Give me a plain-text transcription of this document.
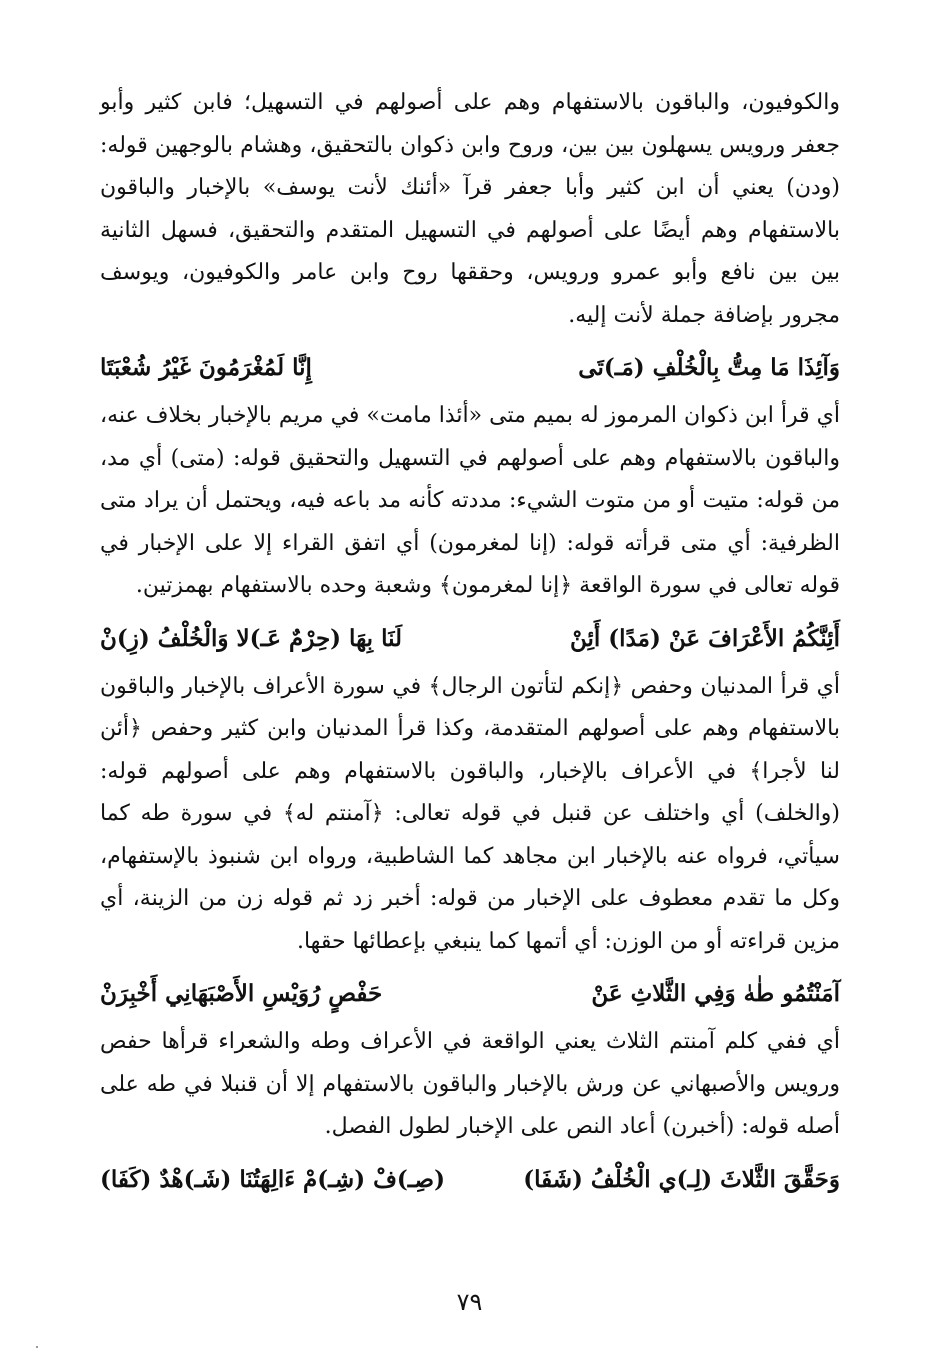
والكوفيون، والباقون بالاستفهام وهم على أصولهم في التسهيل؛ فابن كثير وأبو جعفر ورويس يسهلون بين بين، وروح وابن ذكوان بالتحقيق، وهشام بالوجهين قوله: (ودن) يعني أن ابن كثير وأبا جعفر قرآ «أئنك لأنت يوسف» بالإخبار والباقون بالاستفهام وهم أيضًا على أصولهم في التسهيل المتقدم والتحقيق، فسهل الثانية بين بين نافع وأبو عمرو ورويس، وحققها روح وابن عامر والكوفيون، ويوسف مجرور بإضافة جملة لأنت إليه.

وَآئِذَا مَا مِتُّ بِالْخُلْفِ (مَـ)تَى
إِنَّا لَمُغْرَمُونَ غَيْرُ شُعْبَتَا

أي قرأ ابن ذكوان المرموز له بميم متى «أئذا مامت» في مريم بالإخبار بخلاف عنه، والباقون بالاستفهام وهم على أصولهم في التسهيل والتحقيق قوله: (متى) أي مد، من قوله: متيت أو من متوت الشيء: مددته كأنه مد باعه فيه، ويحتمل أن يراد متى الظرفية: أي متى قرأته قوله: (إنا لمغرمون) أي اتفق القراء إلا على الإخبار في قوله تعالى في سورة الواقعة ﴿إنا لمغرمون﴾ وشعبة وحده بالاستفهام بهمزتين.

أَئِنَّكُمُ الأَعْرَافَ عَنْ (مَدًا) أَئِنْ
لَنَا بِهَا (حِرْمٌ عَـ)لا وَالْخُلْفُ (زِ)نْ

أي قرأ المدنيان وحفص ﴿إنكم لتأتون الرجال﴾ في سورة الأعراف بالإخبار والباقون بالاستفهام وهم على أصولهم المتقدمة، وكذا قرأ المدنيان وابن كثير وحفص ﴿أئن لنا لأجرا﴾ في الأعراف بالإخبار، والباقون بالاستفهام وهم على أصولهم قوله: (والخلف) أي واختلف عن قنبل في قوله تعالى: ﴿آمنتم له﴾ في سورة طه كما سيأتي، فرواه عنه بالإخبار ابن مجاهد كما الشاطبية، ورواه ابن شنبوذ بالإستفهام، وكل ما تقدم معطوف على الإخبار من قوله: أخبر زد ثم قوله زن من الزينة، أي مزين قراءته أو من الوزن: أي أتمها كما ينبغي بإعطائها حقها.

آمَنْتُمُو طٰهٰ وَفِي الثَّلاثِ عَنْ
حَفْصٍ رُوَيْسِ الأَصْبَهَانِي أَخْبِرَنْ

أي ففي كلم آمنتم الثلاث يعني الواقعة في الأعراف وطه والشعراء قرأها حفص ورويس والأصبهاني عن ورش بالإخبار والباقون بالاستفهام إلا أن قنبلا في طه على أصله قوله: (أخبرن) أعاد النص على الإخبار لطول الفصل.

وَحَقَّقَ الثَّلاثَ (لِـ)ي الْخُلْفُ (شَفَا)
(صِـ)فْ (شِـ)مْ ءَالِهَتُنَا (شَـ)هْدٌ (كَفَا)
٧٩
